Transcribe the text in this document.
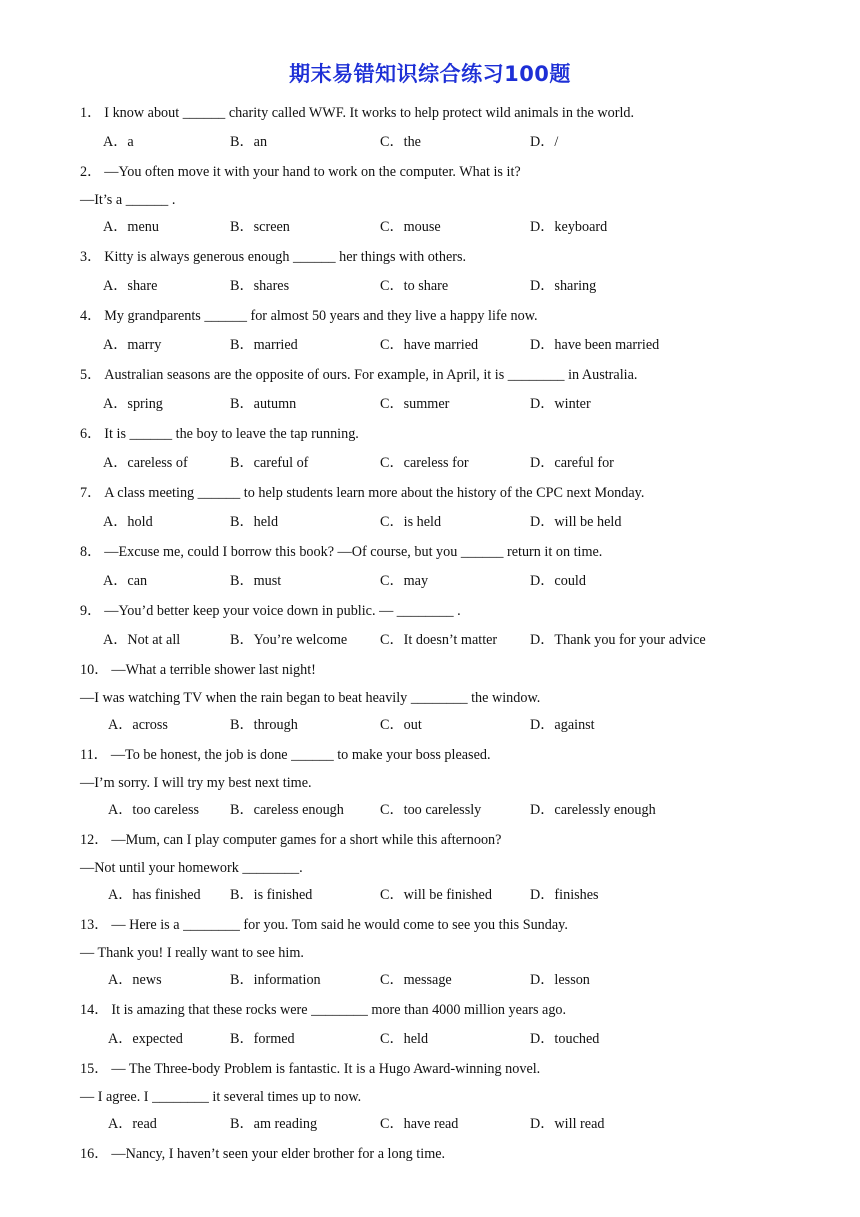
期末易错知识综合练习100题
1． I know about ______ charity called WWF. It works to help protect wild animals in the world.
A．a	B．an	C．the	D．/
2． —You often move it with your hand to work on the computer. What is it?
—It’s a ______ .
A．menu	B．screen	C．mouse	D．keyboard
3． Kitty is always generous enough ______ her things with others.
A．share	B．shares	C．to share	D．sharing
4． My grandparents ______ for almost 50 years and they live a happy life now.
A．marry	B．married	C．have married	D．have been married
5． Australian seasons are the opposite of ours. For example, in April, it is ________ in Australia.
A．spring	B．autumn	C．summer	D．winter
6． It is ______ the boy to leave the tap running.
A．careless of	B．careful of	C．careless for	D．careful for
7． A class meeting ______ to help students learn more about the history of the CPC next Monday.
A．hold	B．held	C．is held	D．will be held
8． —Excuse me, could I borrow this book? —Of course, but you ______ return it on time.
A．can	B．must	C．may	D．could
9． —You’d better keep your voice down in public. — ________ .
A．Not at all	B．You’re welcome C．It doesn’t matter D．Thank you for your advice
10． —What a terrible shower last night!
—I was watching TV when the rain began to beat heavily ________ the window.
A．across	B．through	C．out	D．against
11． —To be honest, the job is done ______ to make your boss pleased.
—I’m sorry. I will try my best next time.
A．too careless B．careless enough	C．too carelessly	D．carelessly enough
12． —Mum, can I play computer games for a short while this afternoon?
—Not until your homework ________.
A．has finished B．is finished	C．will be finished	D．finishes
13． — Here is a ________ for you. Tom said he would come to see you this Sunday.
— Thank you! I really want to see him.
A．news	B．information	C．message	D．lesson
14． It is amazing that these rocks were ________ more than 4000 million years ago.
A．expected	B．formed	C．held	D．touched
15． — The Three-body Problem is fantastic. It is a Hugo Award-winning novel.
— I agree. I ________ it several times up to now.
A．read	B．am reading	C．have read	D．will read
16． —Nancy, I haven’t seen your elder brother for a long time.
